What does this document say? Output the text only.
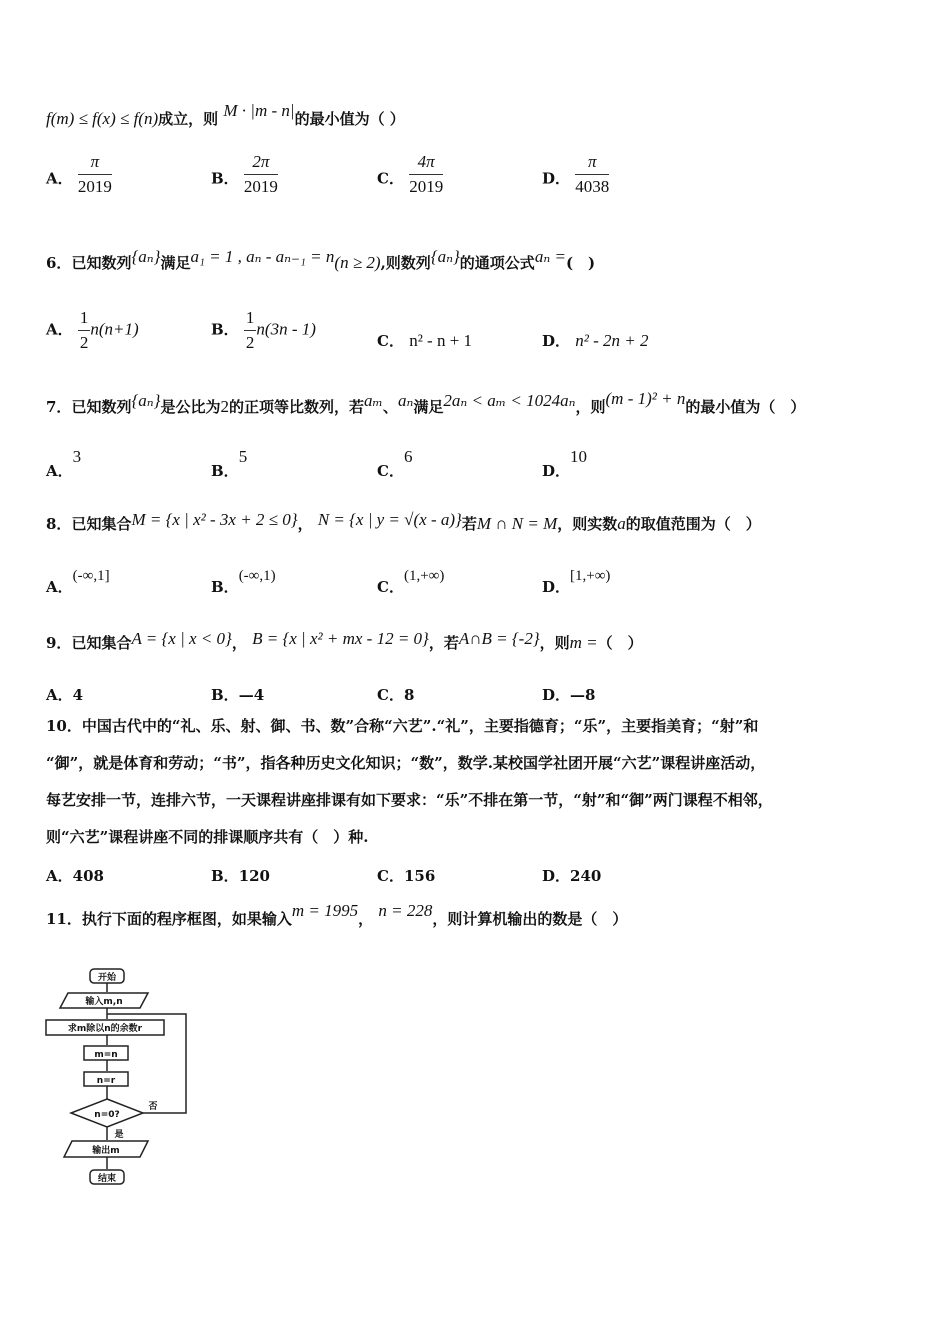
f(m) ≤ f(x) ≤ f(n)成立，则 M · |m - n|的最小值为（ ）
A． $\frac{\pi}{2019}$	B． $\frac{2\pi}{2019}$	C． $\frac{4\pi}{2019}$	D． $\frac{\pi}{4038}$
6．已知数列{aₙ}满足a₁ = 1 , aₙ - aₙ₋₁ = n(n ≥ 2),则数列{aₙ}的通项公式aₙ =(　)
A． $\frac{1}{2} n(n+1)$	B． $\frac{1}{2} n(3n - 1)$
C． n² - n + 1	D． n² - 2n + 2
7．已知数列{aₙ}是公比为2的正项等比数列，若aₘ、aₙ满足2aₙ < aₘ < 1024aₙ，则(m - 1)² + n的最小值为（　）
A．3
B．5
C．6
D．10
8．已知集合M = {x | x² - 3x + 2 ≤ 0}， N = {x | y = √(x - a)}若M ∩ N = M，则实数a的取值范围为（　）
A．(-∞,1]
B．(-∞,1)
C．(1,+∞)
D．[1,+∞)
9．已知集合A = {x | x < 0}， B = {x | x² + mx - 12 = 0}，若A∩B = {-2}，则m =（　）
A．4	B．—4	C．8	D．—8
10．中国古代中的“礼、乐、射、御、书、数”合称“六艺”.“礼”，主要指德育；“乐”，主要指美育；“射”和
“御”，就是体育和劳动；“书”，指各种历史文化知识；“数”，数学.某校国学社团开展“六艺”课程讲座活动，
每艺安排一节，连排六节，一天课程讲座排课有如下要求：“乐”不排在第一节，“射”和“御”两门课程不相邻，
则“六艺”课程讲座不同的排课顺序共有（　）种.
A．408	B．120	C．156	D．240
11．执行下面的程序框图，如果输入m = 1995， n = 228，则计算机输出的数是（　）
开始
输入m,n
求m除以n的余数r
m=n
n=r
n=0?
否
是
输出m
结束
